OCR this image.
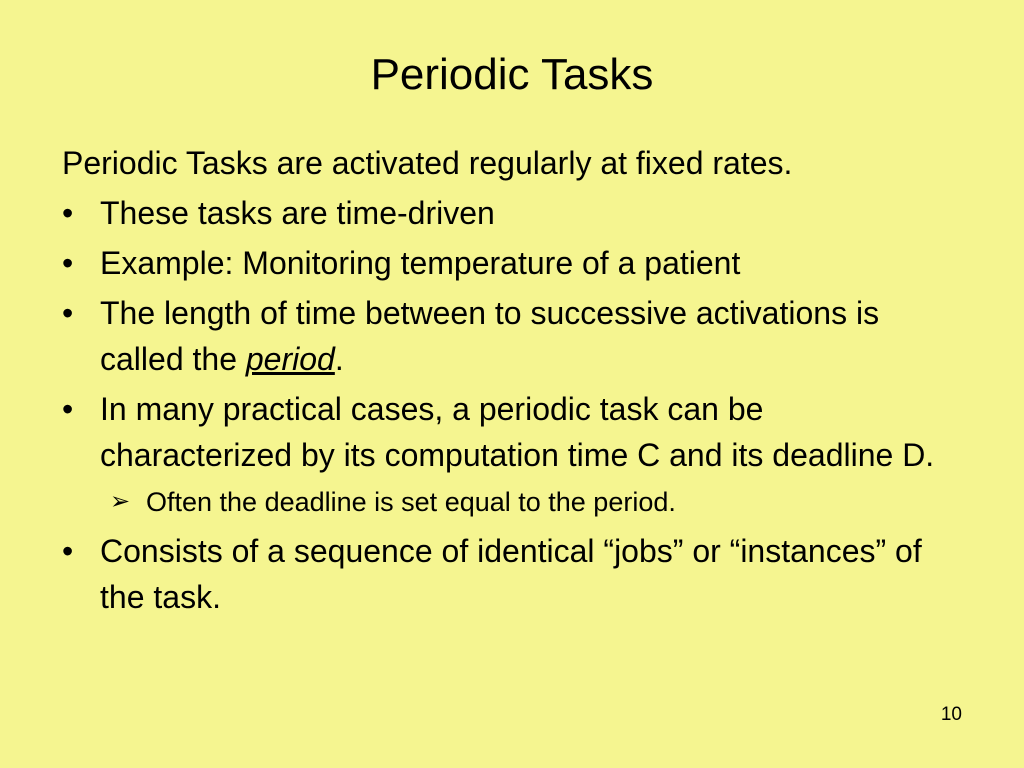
Periodic Tasks
Periodic Tasks are activated regularly at fixed rates.
• These tasks are time-driven
• Example: Monitoring temperature of a patient
• The length of time between to successive activations is called the period.
• In many practical cases, a periodic task can be characterized by its computation time C and its deadline D.
➢ Often the deadline is set equal to the period.
• Consists of a sequence of identical “jobs” or “instances” of the task.
10
